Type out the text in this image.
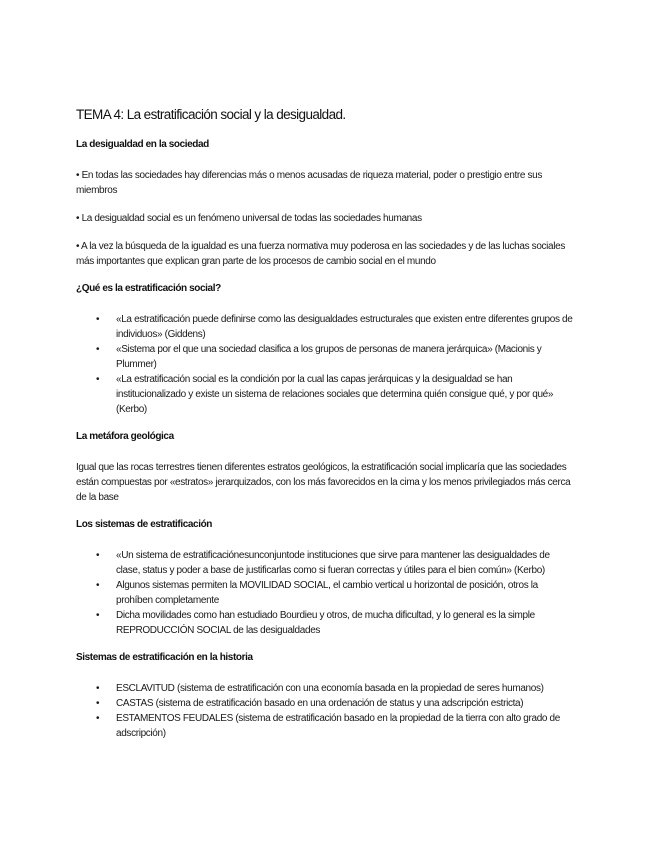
TEMA 4: La estratificación social y la desigualdad.
La desigualdad en la sociedad

• En todas las sociedades hay diferencias más o menos acusadas de riqueza material, poder o prestigio entre sus miembros

• La desigualdad social es un fenómeno universal de todas las sociedades humanas

• A la vez la búsqueda de la igualdad es una fuerza normativa muy poderosa en las sociedades y de las luchas sociales más importantes que explican gran parte de los procesos de cambio social en el mundo

¿Qué es la estratificación social?
• «La estratificación puede definirse como las desigualdades estructurales que existen entre diferentes grupos de individuos» (Giddens)
• «Sistema por el que una sociedad clasifica a los grupos de personas de manera jerárquica» (Macionis y Plummer)
• «La estratificación social es la condición por la cual las capas jerárquicas y la desigualdad se han institucionalizado y existe un sistema de relaciones sociales que determina quién consigue qué, y por qué» (Kerbo)
La metáfora geológica

Igual que las rocas terrestres tienen diferentes estratos geológicos, la estratificación social implicaría que las sociedades están compuestas por «estratos» jerarquizados, con los más favorecidos en la cima y los menos privilegiados más cerca de la base

Los sistemas de estratificación
• «Un sistema de estratificaciónesunconjuntode instituciones que sirve para mantener las desigualdades de clase, status y poder a base de justificarlas como si fueran correctas y útiles para el bien común» (Kerbo)
• Algunos sistemas permiten la MOVILIDAD SOCIAL, el cambio vertical u horizontal de posición, otros la prohíben completamente
• Dicha movilidades como han estudiado Bourdieu y otros, de mucha dificultad, y lo general es la simple REPRODUCCIÓN SOCIAL de las desigualdades
Sistemas de estratificación en la historia
• ESCLAVITUD (sistema de estratificación con una economía basada en la propiedad de seres humanos)
• CASTAS (sistema de estratificación basado en una ordenación de status y una adscripción estricta)
• ESTAMENTOS FEUDALES (sistema de estratificación basado en la propiedad de la tierra con alto grado de adscripción)
